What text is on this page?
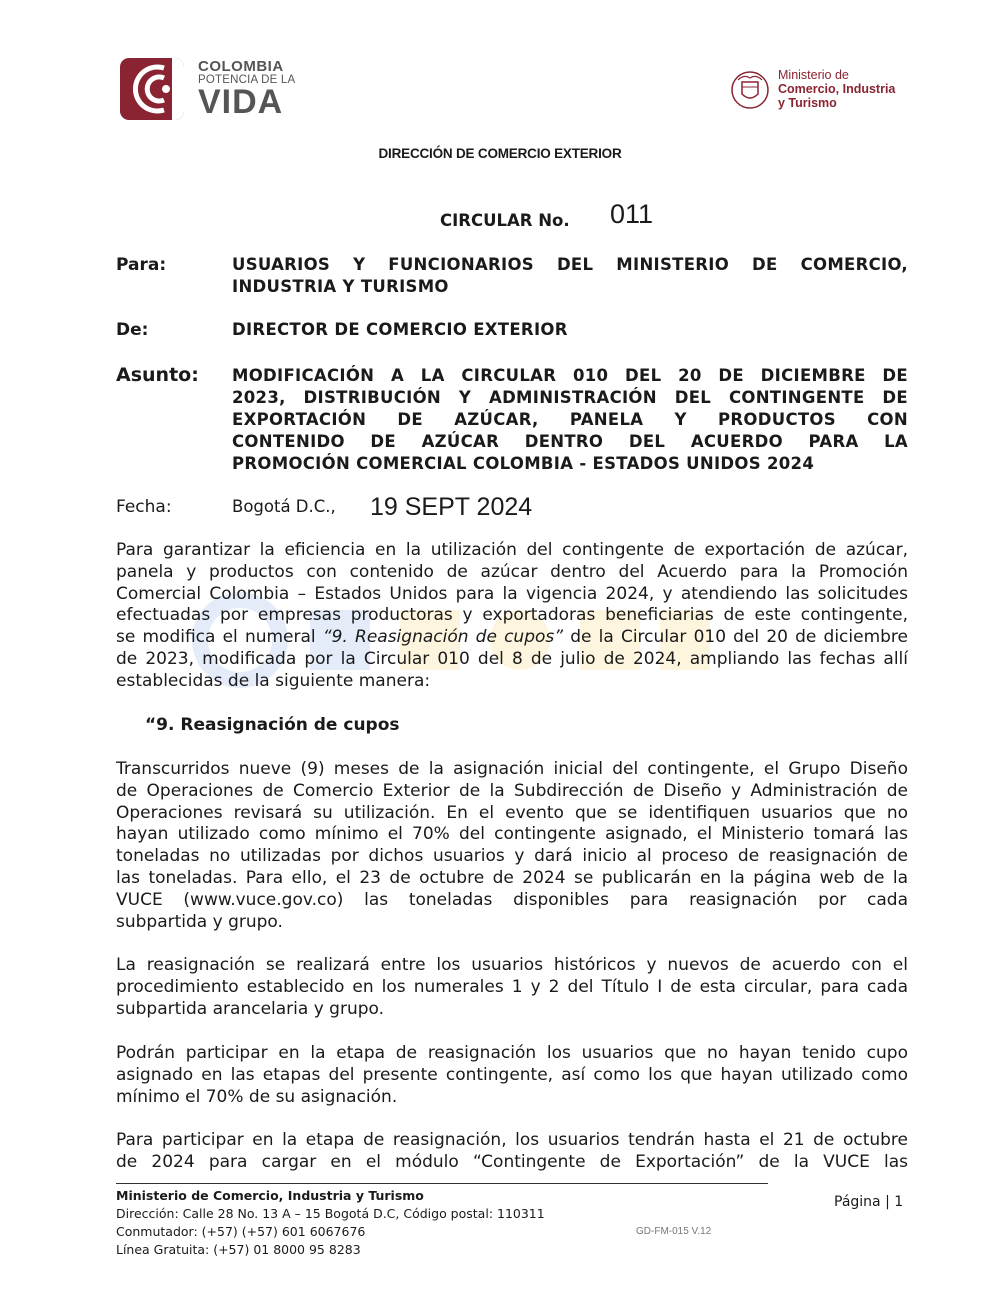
COLOMBIA
POTENCIA DE LA
VIDA
Ministerio de
Comercio, Industria
y Turismo
DIRECCIÓN DE COMERCIO EXTERIOR
CIRCULAR No. 011
Para:	USUARIOS Y FUNCIONARIOS DEL MINISTERIO DE COMERCIO,
INDUSTRIA Y TURISMO
De:	DIRECTOR DE COMERCIO EXTERIOR
Asunto: MODIFICACIÓN A LA CIRCULAR 010 DEL 20 DE DICIEMBRE DE
2023, DISTRIBUCIÓN Y ADMINISTRACIÓN DEL CONTINGENTE DE
EXPORTACIÓN DE AZÚCAR, PANELA Y PRODUCTOS CON
CONTENIDO DE AZÚCAR DENTRO DEL ACUERDO PARA LA
PROMOCIÓN COMERCIAL COLOMBIA - ESTADOS UNIDOS 2024
Fecha:	Bogotá D.C., 19 SEPT 2024
Para garantizar la eficiencia en la utilización del contingente de exportación de azúcar,
panela y productos con contenido de azúcar dentro del Acuerdo para la Promoción
Comercial Colombia – Estados Unidos para la vigencia 2024, y atendiendo las solicitudes
efectuadas por empresas productoras y exportadoras beneficiarias de este contingente,
se modifica el numeral “9. Reasignación de cupos” de la Circular 010 del 20 de diciembre
de 2023, modificada por la Circular 010 del 8 de julio de 2024, ampliando las fechas allí
establecidas de la siguiente manera:
“9. Reasignación de cupos
Transcurridos nueve (9) meses de la asignación inicial del contingente, el Grupo Diseño
de Operaciones de Comercio Exterior de la Subdirección de Diseño y Administración de
Operaciones revisará su utilización. En el evento que se identifiquen usuarios que no
hayan utilizado como mínimo el 70% del contingente asignado, el Ministerio tomará las
toneladas no utilizadas por dichos usuarios y dará inicio al proceso de reasignación de
las toneladas. Para ello, el 23 de octubre de 2024 se publicarán en la página web de la
VUCE (www.vuce.gov.co) las toneladas disponibles para reasignación por cada
subpartida y grupo.
La reasignación se realizará entre los usuarios históricos y nuevos de acuerdo con el
procedimiento establecido en los numerales 1 y 2 del Título I de esta circular, para cada
subpartida arancelaria y grupo.
Podrán participar en la etapa de reasignación los usuarios que no hayan tenido cupo
asignado en las etapas del presente contingente, así como los que hayan utilizado como
mínimo el 70% de su asignación.
Para participar en la etapa de reasignación, los usuarios tendrán hasta el 21 de octubre
de 2024 para cargar en el módulo “Contingente de Exportación” de la VUCE las
Ministerio de Comercio, Industria y Turismo
Dirección: Calle 28 No. 13 A – 15 Bogotá D.C, Código postal: 110311
Conmutador: (+57) (+57) 601 6067676
Línea Gratuita: (+57) 01 8000 95 8283
Página | 1
GD-FM-015 V.12
